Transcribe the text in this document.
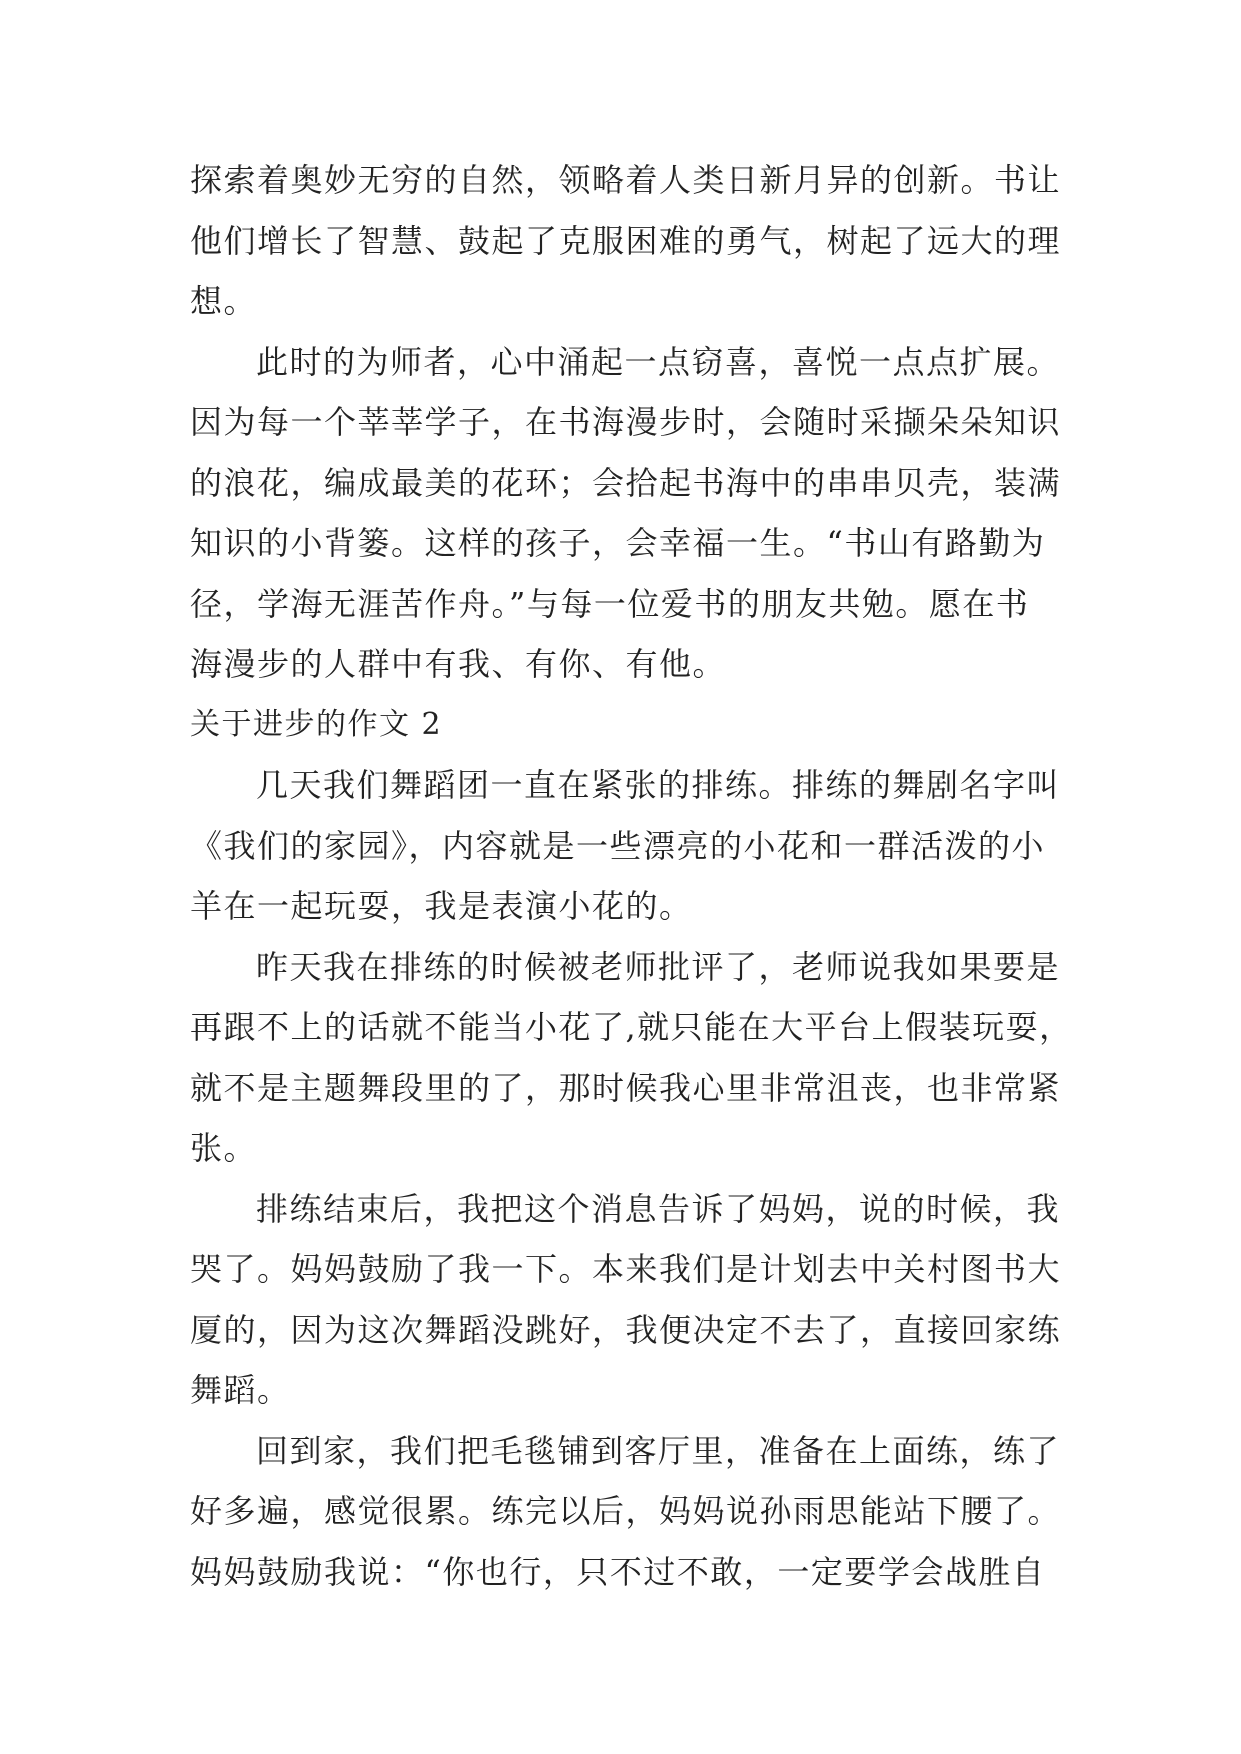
探索着奥妙无穷的自然，领略着人类日新月异的创新。书让
他们增长了智慧、鼓起了克服困难的勇气，树起了远大的理
想。
此时的为师者，心中涌起一点窃喜，喜悦一点点扩展。
因为每一个莘莘学子，在书海漫步时，会随时采撷朵朵知识
的浪花，编成最美的花环；会拾起书海中的串串贝壳，装满
知识的小背篓。这样的孩子，会幸福一生。“书山有路勤为
径，学海无涯苦作舟。”与每一位爱书的朋友共勉。愿在书
海漫步的人群中有我、有你、有他。
关于进步的作文 2
几天我们舞蹈团一直在紧张的排练。排练的舞剧名字叫
《我们的家园》，内容就是一些漂亮的小花和一群活泼的小
羊在一起玩耍，我是表演小花的。
昨天我在排练的时候被老师批评了，老师说我如果要是
再跟不上的话就不能当小花了,就只能在大平台上假装玩耍，
就不是主题舞段里的了，那时候我心里非常沮丧，也非常紧
张。
排练结束后，我把这个消息告诉了妈妈，说的时候，我
哭了。妈妈鼓励了我一下。本来我们是计划去中关村图书大
厦的，因为这次舞蹈没跳好，我便决定不去了，直接回家练
舞蹈。
回到家，我们把毛毯铺到客厅里，准备在上面练，练了
好多遍，感觉很累。练完以后，妈妈说孙雨思能站下腰了。
妈妈鼓励我说：“你也行，只不过不敢，一定要学会战胜自
